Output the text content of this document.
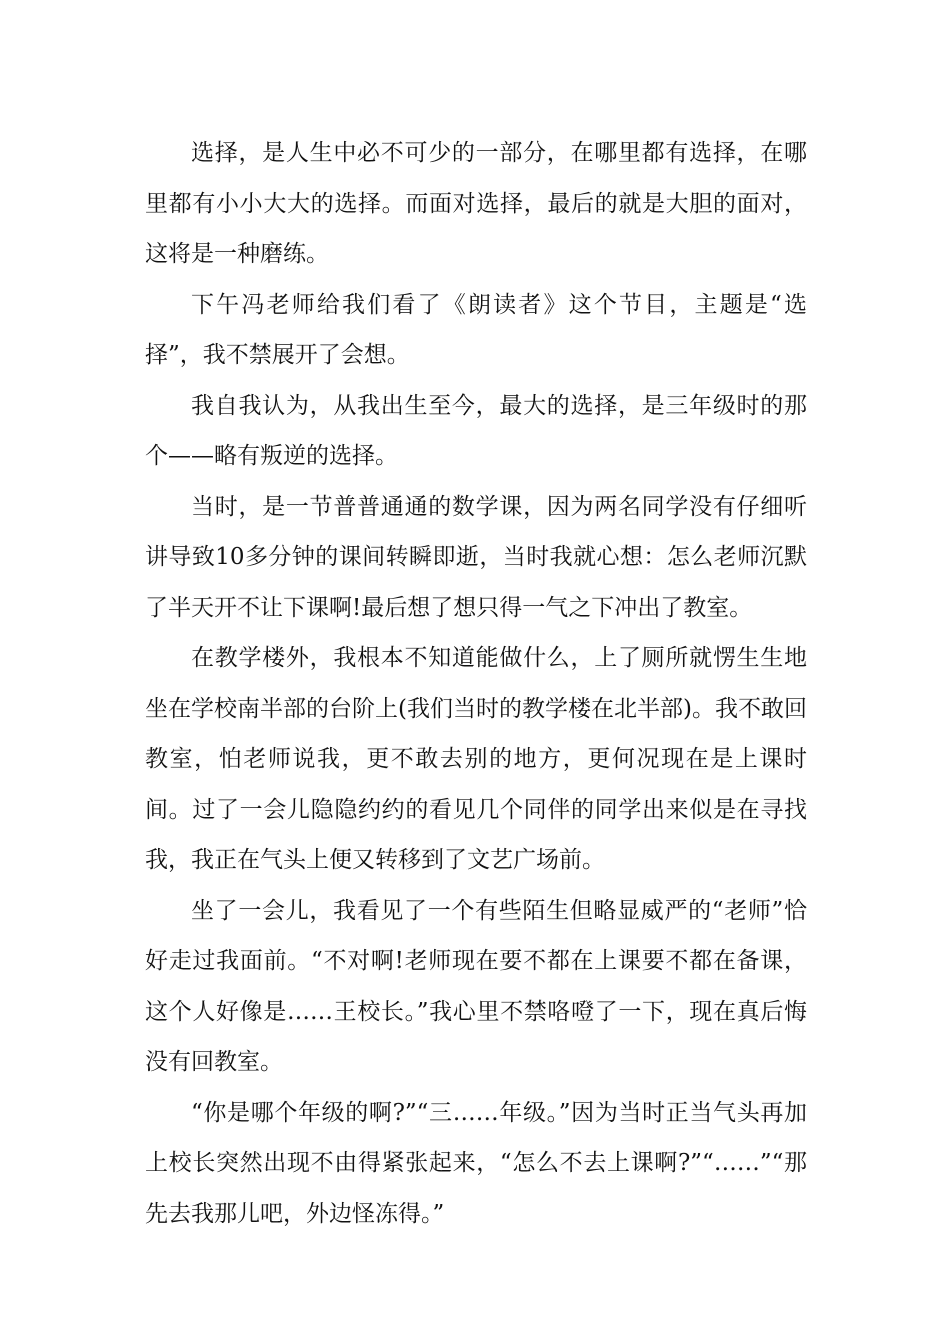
选择，是人生中必不可少的一部分，在哪里都有选择，在哪里都有小小大大的选择。而面对选择，最后的就是大胆的面对，这将是一种磨练。

下午冯老师给我们看了《朗读者》这个节目，主题是“选择”，我不禁展开了会想。

我自我认为，从我出生至今，最大的选择，是三年级时的那个——略有叛逆的选择。

当时，是一节普普通通的数学课，因为两名同学没有仔细听讲导致10多分钟的课间转瞬即逝，当时我就心想：怎么老师沉默了半天开不让下课啊!最后想了想只得一气之下冲出了教室。

在教学楼外，我根本不知道能做什么，上了厕所就愣生生地坐在学校南半部的台阶上(我们当时的教学楼在北半部)。我不敢回教室，怕老师说我，更不敢去别的地方，更何况现在是上课时间。过了一会儿隐隐约约的看见几个同伴的同学出来似是在寻找我，我正在气头上便又转移到了文艺广场前。

坐了一会儿，我看见了一个有些陌生但略显威严的“老师”恰好走过我面前。“不对啊!老师现在要不都在上课要不都在备课，这个人好像是……王校长。”我心里不禁咯噔了一下，现在真后悔没有回教室。

“你是哪个年级的啊?”“三……年级。”因为当时正当气头再加上校长突然出现不由得紧张起来，“怎么不去上课啊?”“……”“那先去我那儿吧，外边怪冻得。”
